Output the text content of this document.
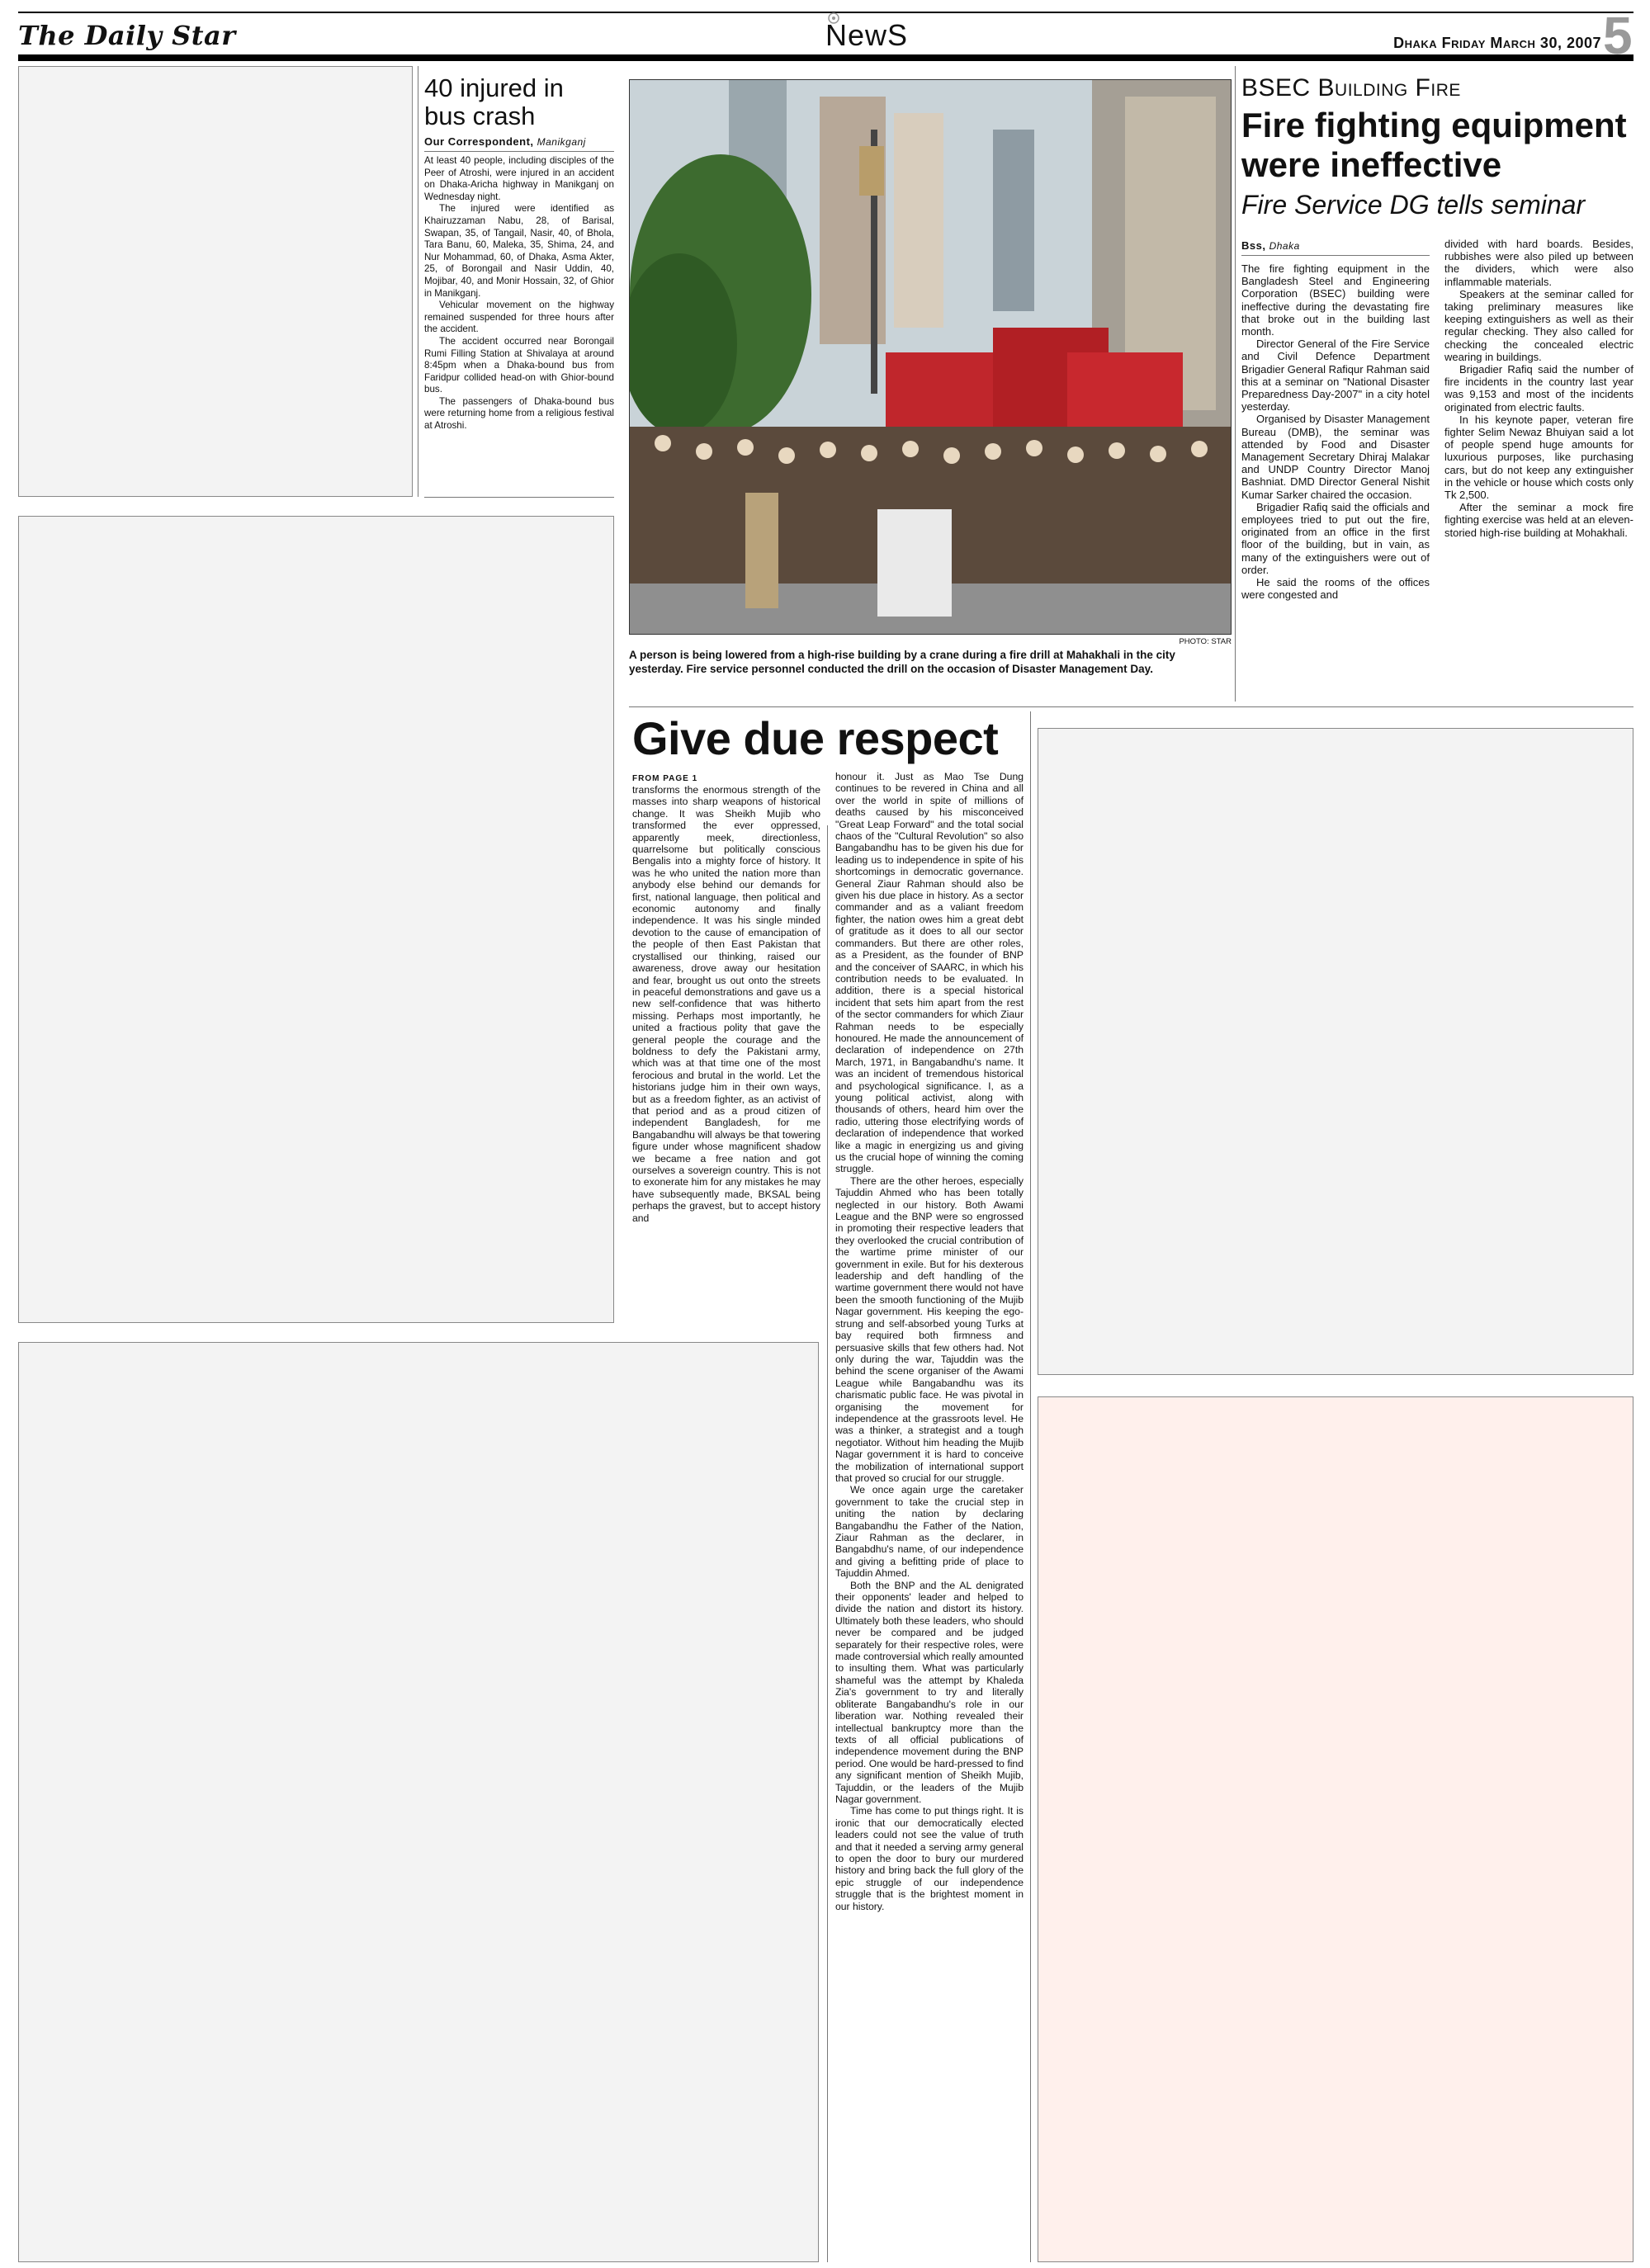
The Daily Star	NewS	Dhaka Friday March 30, 2007 5
40 injured in
bus crash
Our Correspondent, Manikganj

At least 40 people, including disciples of the Peer of Atroshi, were injured in an accident on Dhaka-Aricha highway in Manikganj on Wednesday night.

The injured were identified as Khairuzzaman Nabu, 28, of Barisal, Swapan, 35, of Tangail, Nasir, 40, of Bhola, Tara Banu, 60, Maleka, 35, Shima, 24, and Nur Mohammad, 60, of Dhaka, Asma Akter, 25, of Borongail and Nasir Uddin, 40, Mojibar, 40, and Monir Hossain, 32, of Ghior in Manikganj.

Vehicular movement on the highway remained suspended for three hours after the accident.

The accident occurred near Borongail Rumi Filling Station at Shivalaya at around 8:45pm when a Dhaka-bound bus from Faridpur collided head-on with Ghior-bound bus.

The passengers of Dhaka-bound bus were returning home from a religious festival at Atroshi.

PHOTO: STAR
A person is being lowered from a high-rise building by a crane during a fire drill at Mahakhali in the city yesterday. Fire service personnel conducted the drill on the occasion of Disaster Management Day.
BSEC Building Fire
Fire fighting equipment
were ineffective
Fire Service DG tells seminar
Bss, Dhaka

The fire fighting equipment in the Bangladesh Steel and Engineering Corporation (BSEC) building were ineffective during the devastating fire that broke out in the building last month.

Director General of the Fire Service and Civil Defence Department Brigadier General Rafiqur Rahman said this at a seminar on "National Disaster Preparedness Day-2007" in a city hotel yesterday.

Organised by Disaster Management Bureau (DMB), the seminar was attended by Food and Disaster Management Secretary Dhiraj Malakar and UNDP Country Director Manoj Bashniat. DMD Director General Nishit Kumar Sarker chaired the occasion.

Brigadier Rafiq said the officials and employees tried to put out the fire, originated from an office in the first floor of the building, but in vain, as many of the extinguishers were out of order.

He said the rooms of the offices were congested and

divided with hard boards. Besides, rubbishes were also piled up between the dividers, which were also inflammable materials.

Speakers at the seminar called for taking preliminary measures like keeping extinguishers as well as their regular checking. They also called for checking the concealed electric wearing in buildings.

Brigadier Rafiq said the number of fire incidents in the country last year was 9,153 and most of the incidents originated from electric faults.

In his keynote paper, veteran fire fighter Selim Newaz Bhuiyan said a lot of people spend huge amounts for luxurious purposes, like purchasing cars, but do not keep any extinguisher in the vehicle or house which costs only Tk 2,500.

After the seminar a mock fire fighting exercise was held at an eleven- storied high-rise building at Mohakhali.

Give due respect
FROM PAGE 1

transforms the enormous strength of the masses into sharp weapons of historical change. It was Sheikh Mujib who transformed the ever oppressed, apparently meek, directionless, quarrelsome but politically conscious Bengalis into a mighty force of history. It was he who united the nation more than anybody else behind our demands for first, national language, then political and economic autonomy and finally independence. It was his single minded devotion to the cause of emancipation of the people of then East Pakistan that crystallised our thinking, raised our awareness, drove away our hesitation and fear, brought us out onto the streets in peaceful demonstrations and gave us a new self-confidence that was hitherto missing. Perhaps most importantly, he united a fractious polity that gave the general people the courage and the boldness to defy the Pakistani army, which was at that time one of the most ferocious and brutal in the world. Let the historians judge him in their own ways, but as a freedom fighter, as an activist of that period and as a proud citizen of independent Bangladesh, for me Bangabandhu will always be that towering figure under whose magnificent shadow we became a free nation and got ourselves a sovereign country. This is not to exonerate him for any mistakes he may have subsequently made, BKSAL being perhaps the gravest, but to accept history and

honour it. Just as Mao Tse Dung continues to be revered in China and all over the world in spite of millions of deaths caused by his misconceived "Great Leap Forward" and the total social chaos of the "Cultural Revolution" so also Bangabandhu has to be given his due for leading us to independence in spite of his shortcomings in democratic governance. General Ziaur Rahman should also be given his due place in history. As a sector commander and as a valiant freedom fighter, the nation owes him a great debt of gratitude as it does to all our sector commanders. But there are other roles, as a President, as the founder of BNP and the conceiver of SAARC, in which his contribution needs to be evaluated. In addition, there is a special historical incident that sets him apart from the rest of the sector commanders for which Ziaur Rahman needs to be especially honoured. He made the announcement of declaration of independence on 27th March, 1971, in Bangabandhu's name. It was an incident of tremendous historical and psychological significance. I, as a young political activist, along with thousands of others, heard him over the radio, uttering those electrifying words of declaration of independence that worked like a magic in energizing us and giving us the crucial hope of winning the coming struggle.

There are the other heroes, especially Tajuddin Ahmed who has been totally neglected in our history. Both Awami League and the BNP were so engrossed in promoting their respective leaders that they overlooked the crucial contribution of the wartime prime minister of our government in exile. But for his dexterous leadership and deft handling of the wartime government there would not have been the smooth functioning of the Mujib Nagar government. His keeping the ego-strung and self-absorbed young Turks at bay required both firmness and persuasive skills that few others had. Not only during the war, Tajuddin was the behind the scene organiser of the Awami League while Bangabandhu was its charismatic public face. He was pivotal in organising the movement for independence at the grassroots level. He was a thinker, a strategist and a tough negotiator. Without him heading the Mujib Nagar government it is hard to conceive the mobilization of international support that proved so crucial for our struggle.

We once again urge the caretaker government to take the crucial step in uniting the nation by declaring Bangabandhu the Father of the Nation, Ziaur Rahman as the declarer, in Bangabdhu's name, of our independence and giving a befitting pride of place to Tajuddin Ahmed.

Both the BNP and the AL denigrated their opponents' leader and helped to divide the nation and distort its history. Ultimately both these leaders, who should never be compared and be judged separately for their respective roles, were made controversial which really amounted to insulting them. What was particularly shameful was the attempt by Khaleda Zia's government to try and literally obliterate Bangabandhu's role in our liberation war. Nothing revealed their intellectual bankruptcy more than the texts of all official publications of independence movement during the BNP period. One would be hard-pressed to find any significant mention of Sheikh Mujib, Tajuddin, or the leaders of the Mujib Nagar government.

Time has come to put things right. It is ironic that our democratically elected leaders could not see the value of truth and that it needed a serving army general to open the door to bury our murdered history and bring back the full glory of the epic struggle of our independence struggle that is the brightest moment in our history.
